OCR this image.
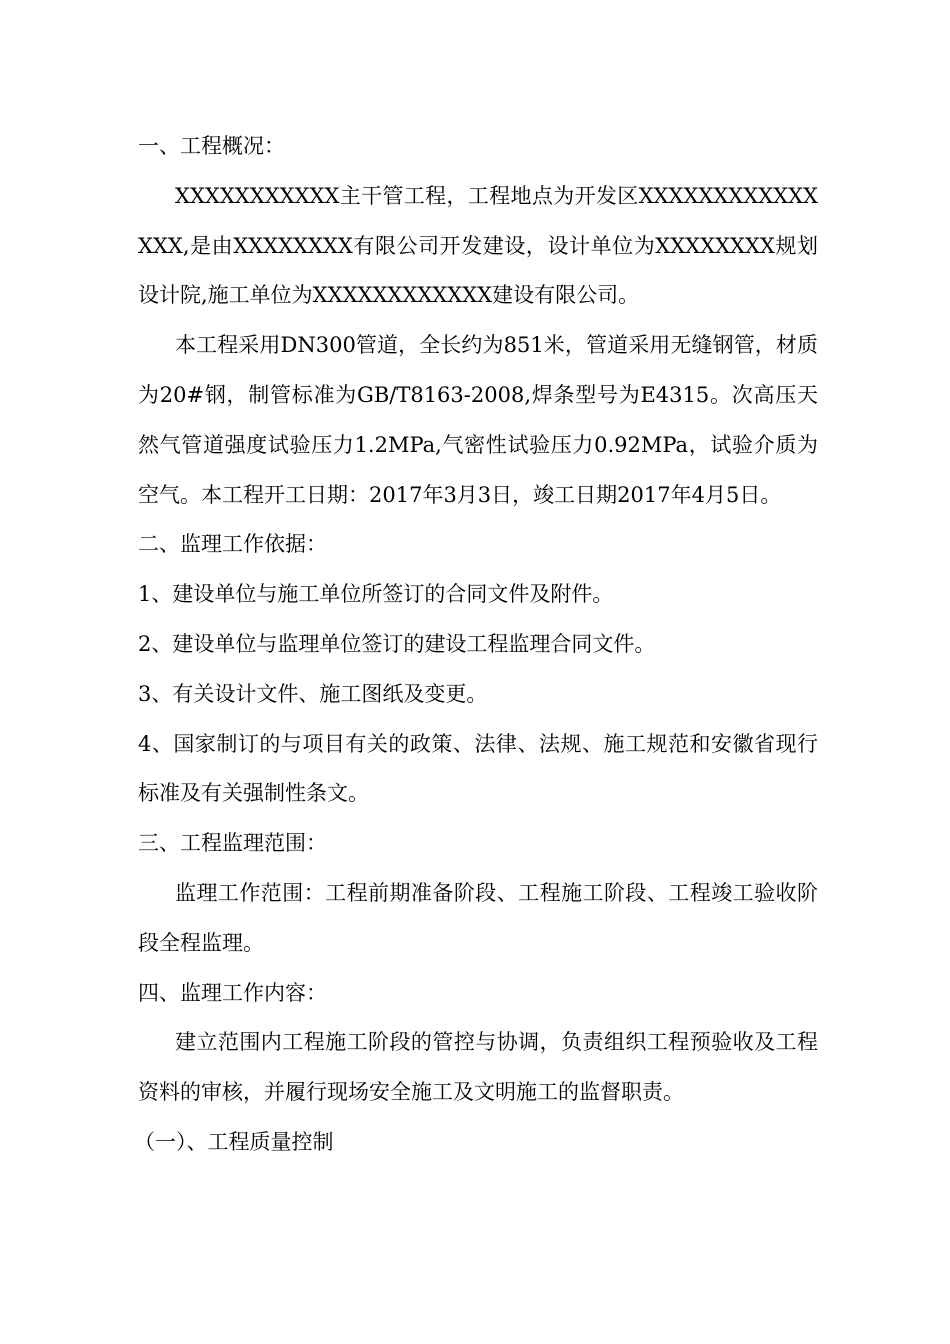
一、工程概况：

XXXXXXXXXXX主干管工程，工程地点为开发区XXXXXXXXXXXXXXX,是由XXXXXXXX有限公司开发建设，设计单位为XXXXXXXX规划设计院,施工单位为XXXXXXXXXXXX建设有限公司。

本工程采用DN300管道，全长约为851米，管道采用无缝钢管，材质为20#钢，制管标准为GB/T8163-2008,焊条型号为E4315。次高压天然气管道强度试验压力1.2MPa,气密性试验压力0.92MPa，试验介质为空气。本工程开工日期：2017年3月3日，竣工日期2017年4月5日。

二、监理工作依据：

1、建设单位与施工单位所签订的合同文件及附件。

2、建设单位与监理单位签订的建设工程监理合同文件。

3、有关设计文件、施工图纸及变更。

4、国家制订的与项目有关的政策、法律、法规、施工规范和安徽省现行标准及有关强制性条文。

三、工程监理范围：

监理工作范围：工程前期准备阶段、工程施工阶段、工程竣工验收阶段全程监理。

四、监理工作内容：

建立范围内工程施工阶段的管控与协调，负责组织工程预验收及工程资料的审核，并履行现场安全施工及文明施工的监督职责。

（一）、工程质量控制
